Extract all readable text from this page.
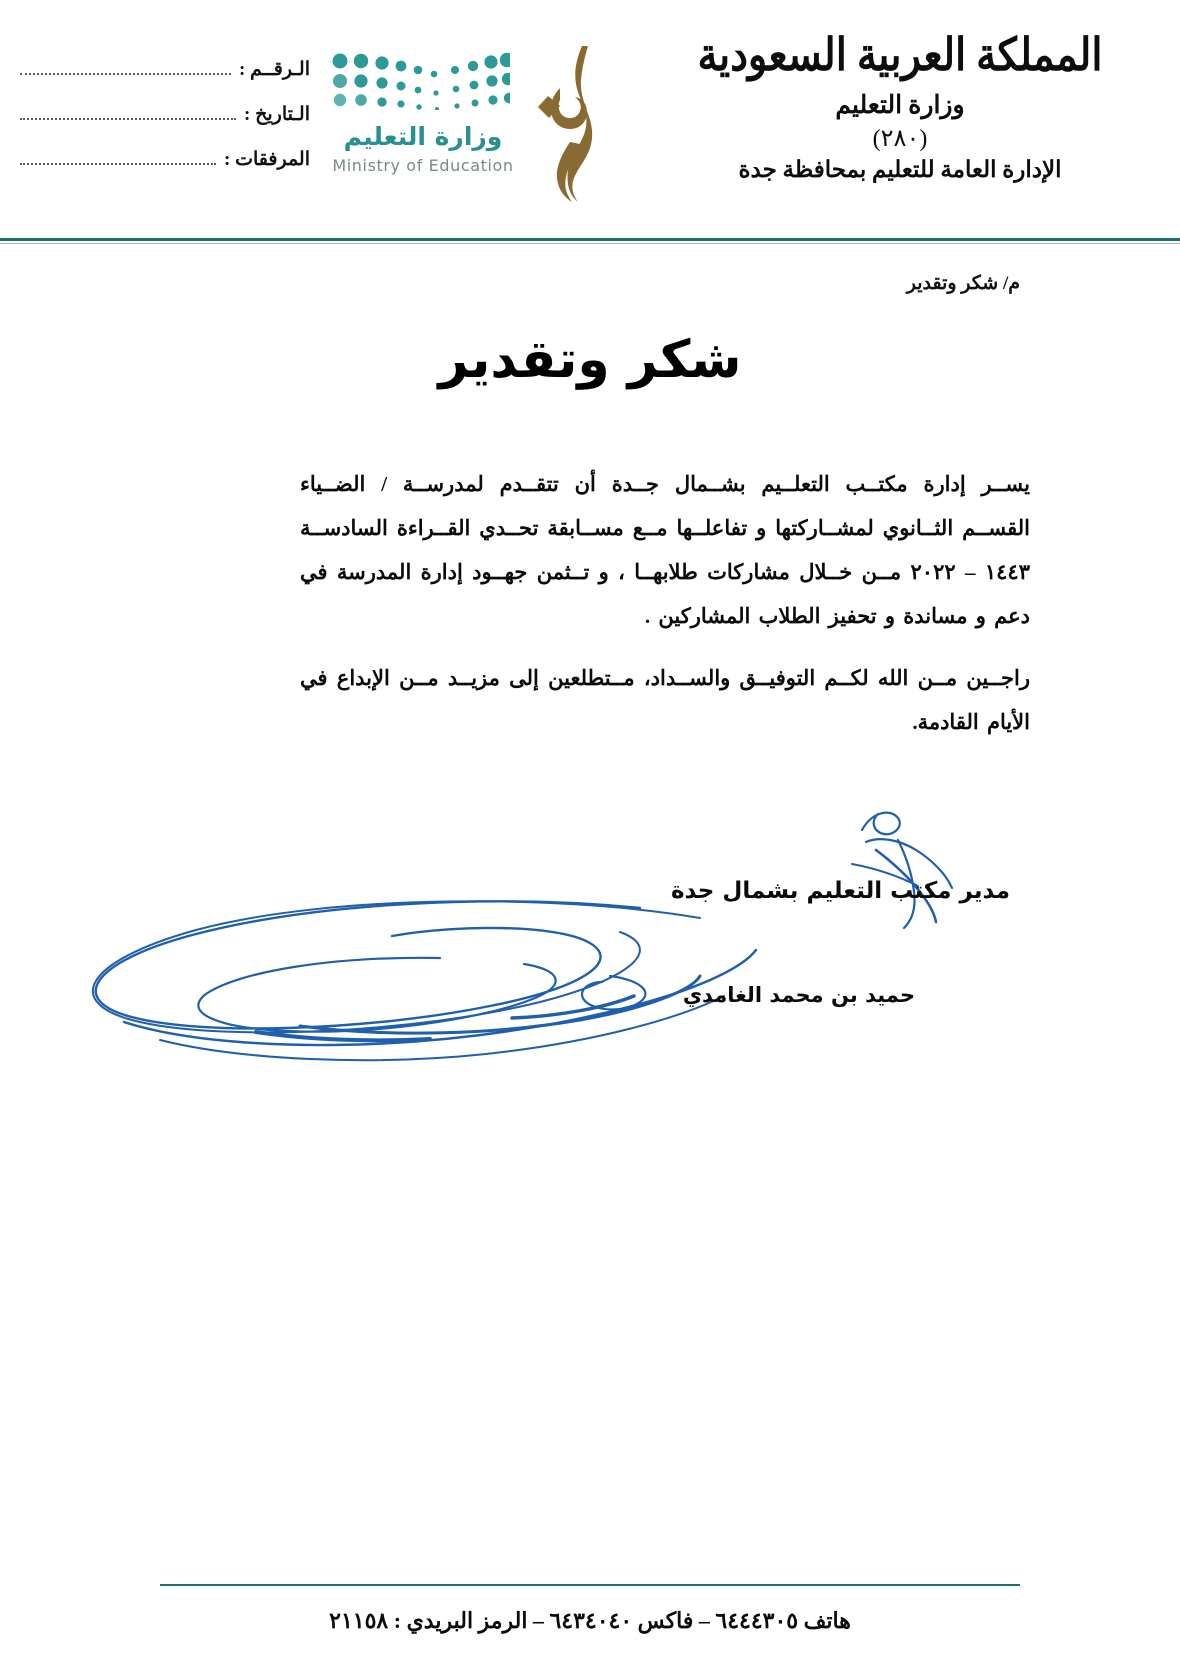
الـرقــم :
الـتاريخ :
المرفقات :
وزارة التعليم
Ministry of Education
المملكة العربية السعودية
وزارة التعليم
(٢٨٠)
الإدارة العامة للتعليم بمحافظة جدة
م/ شكر وتقدير
شكر وتقدير

يســر إدارة مكتــب التعلــيم بشــمال جــدة أن تتقــدم لمدرســة / الضــياء القســم الثــانوي لمشــاركتها و تفاعلــها مــع مســابقة تحــدي القــراءة السادســة ١٤٤٣ – ٢٠٢٢ مــن خــلال مشاركات طلابهــا ، و تــثمن جهــود إدارة المدرسة في دعم و مساندة و تحفيز الطلاب المشاركين .

راجــين مــن الله لكــم التوفيــق والســداد، مــتطلعين إلى مزيــد مــن الإبداع في الأيام القادمة.

مدير مكتب التعليم بشمال جدة
حميد بن محمد الغامدي
هاتف ٦٤٤٤٣٠٥ – فاكس ٦٤٣٤٠٤٠ – الرمز البريدي : ٢١١٥٨
